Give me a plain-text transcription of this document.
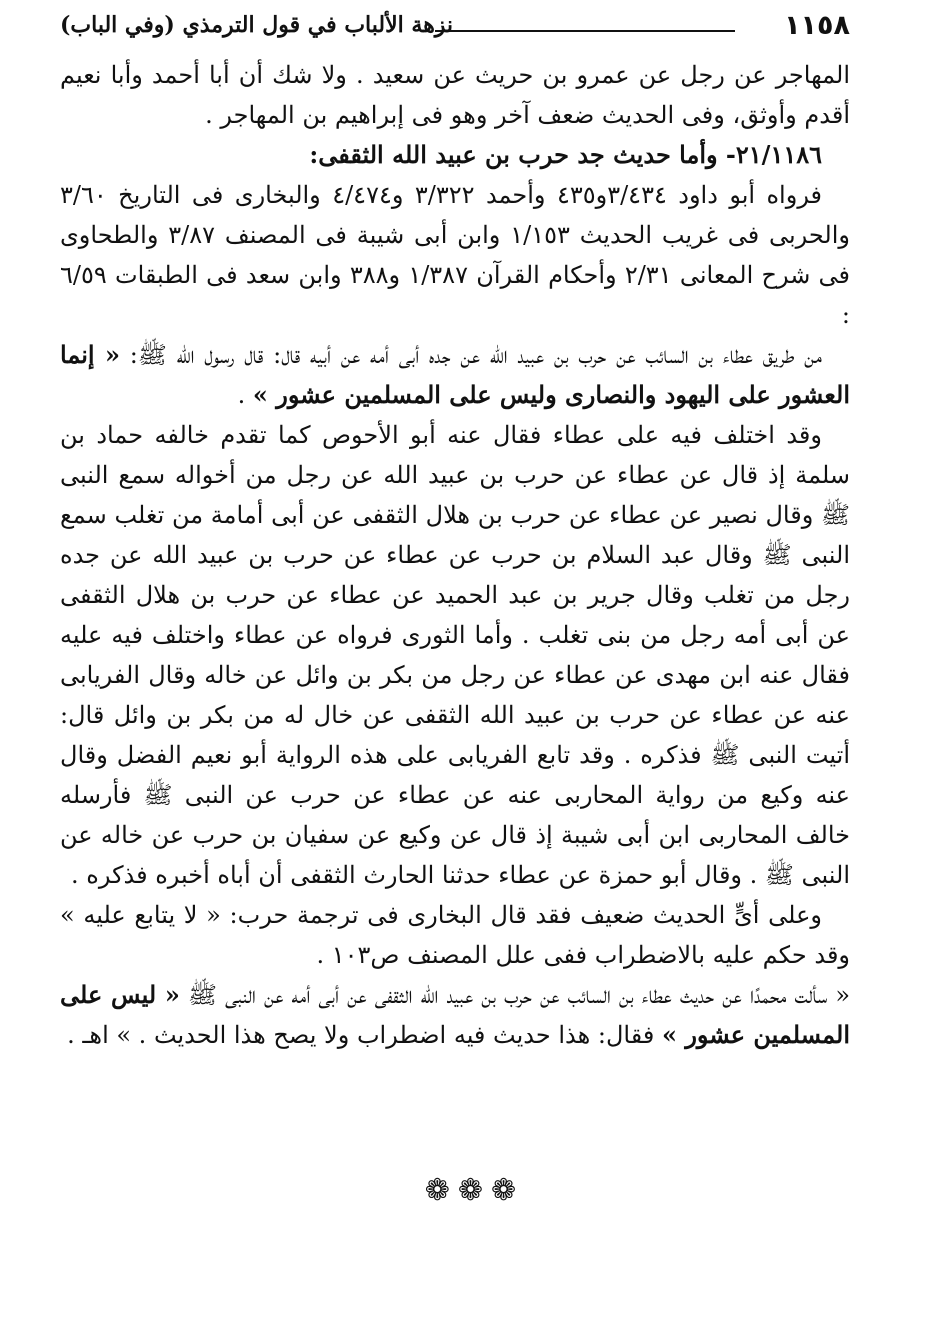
نزهة الألباب في قول الترمذي (وفي الباب)	١١٥٨

المهاجر عن رجل عن عمرو بن حريث عن سعيد . ولا شك أن أبا أحمد وأبا نعيم أقدم وأوثق، وفى الحديث ضعف آخر وهو فى إبراهيم بن المهاجر .

٢١/١١٨٦- وأما حديث جد حرب بن عبيد الله الثقفى:

فرواه أبو داود ٣/٤٣٤و٤٣٥ وأحمد ٣/٣٢٢ و٤/٤٧٤ والبخارى فى التاريخ ٣/٦٠ والحربى فى غريب الحديث ١/١٥٣ وابن أبى شيبة فى المصنف ٣/٨٧ والطحاوى فى شرح المعانى ٢/٣١ وأحكام القرآن ١/٣٨٧ و٣٨٨ وابن سعد فى الطبقات ٦/٥٩ :

من طريق عطاء بن السائب عن حرب بن عبيد الله عن جده أبى أمه عن أبيه قال: قال رسول الله ﷺ: « إنما العشور على اليهود والنصارى وليس على المسلمين عشور » .

وقد اختلف فيه على عطاء فقال عنه أبو الأحوص كما تقدم خالفه حماد بن سلمة إذ قال عن عطاء عن حرب بن عبيد الله عن رجل من أخواله سمع النبى ﷺ وقال نصير عن عطاء عن حرب بن هلال الثقفى عن أبى أمامة من تغلب سمع النبى ﷺ وقال عبد السلام بن حرب عن عطاء عن حرب بن عبيد الله عن جده رجل من تغلب وقال جرير بن عبد الحميد عن عطاء عن حرب بن هلال الثقفى عن أبى أمه رجل من بنى تغلب . وأما الثورى فرواه عن عطاء واختلف فيه عليه فقال عنه ابن مهدى عن عطاء عن رجل من بكر بن وائل عن خاله وقال الفريابى عنه عن عطاء عن حرب بن عبيد الله الثقفى عن خال له من بكر بن وائل قال: أتيت النبى ﷺ فذكره . وقد تابع الفريابى على هذه الرواية أبو نعيم الفضل وقال عنه وكيع من رواية المحاربى عنه عن عطاء عن حرب عن النبى ﷺ فأرسله خالف المحاربى ابن أبى شيبة إذ قال عن وكيع عن سفيان بن حرب عن خاله عن النبى ﷺ . وقال أبو حمزة عن عطاء حدثنا الحارث الثقفى أن أباه أخبره فذكره .

وعلى أىٍّ الحديث ضعيف فقد قال البخارى فى ترجمة حرب: « لا يتابع عليه » وقد حكم عليه بالاضطراب ففى علل المصنف ص١٠٣ .

« سألت محمدًا عن حديث عطاء بن السائب عن حرب بن عبيد الله الثقفى عن أبى أمه عن النبى ﷺ « ليس على المسلمين عشور » فقال: هذا حديث فيه اضطراب ولا يصح هذا الحديث . » اهـ .

❁❁❁
